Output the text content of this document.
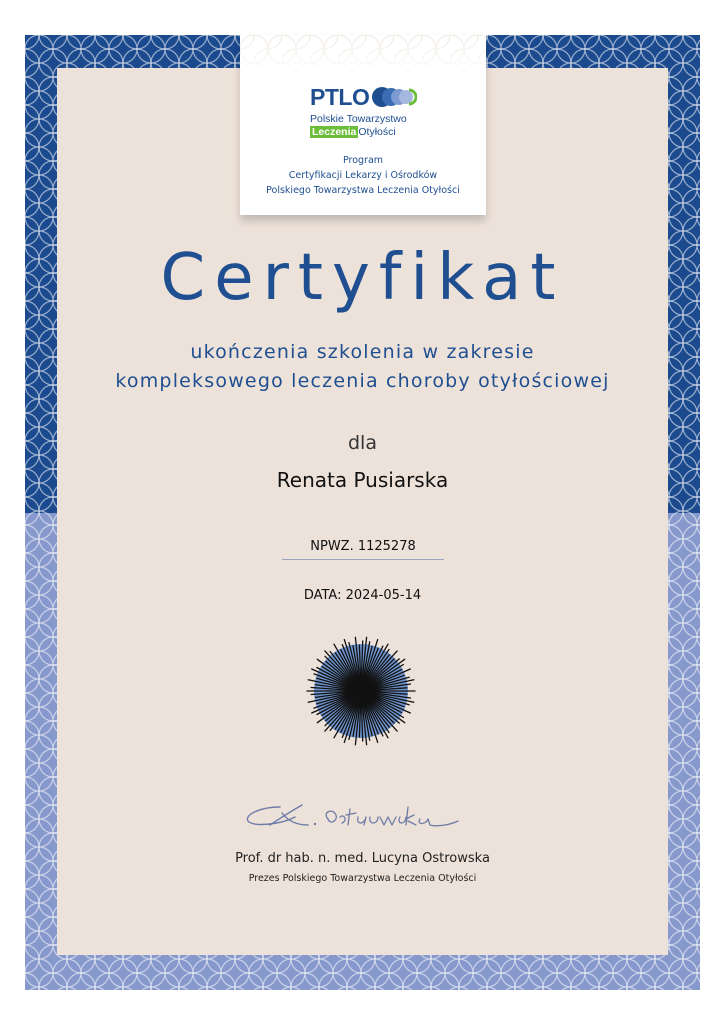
PTLO
Polskie Towarzystwo
Leczenia Otyłości
Program
Certyfikacji Lekarzy i Ośrodków
Polskiego Towarzystwa Leczenia Otyłości
Certyfikat
ukończenia szkolenia w zakresie
kompleksowego leczenia choroby otyłościowej
dla
Renata Pusiarska
NPWZ. 1125278
DATA: 2024-05-14
Prof. dr hab. n. med. Lucyna Ostrowska
Prezes Polskiego Towarzystwa Leczenia Otyłości
